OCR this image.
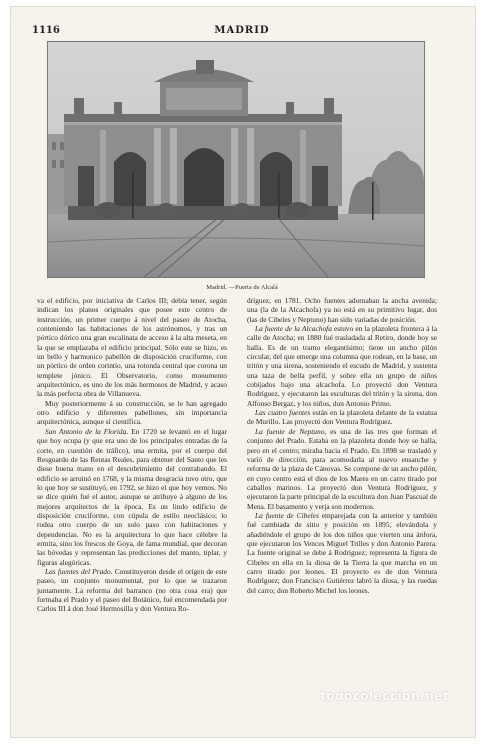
1116	MADRID
Madrid. —Puerta de Alcalá

va el edificio, por iniciativa de Carlos III; debía tener, según indican los planos originales que posee este centro de instrucción, un primer cuerpo á nivel del paseo de Atocha, conteniendo las habitaciones de los astrónomos, y tras un pórtico dórico una gran escalinata de acceso á la alta meseta, en la que se emplazaba el edificio principal. Sólo este se hizo, es un bello y harmonico pabellón de disposición cruciforme, con un pórtico de orden corintio, una rotonda central que corona un templete jónico. El Observatorio, como monumento arquitectónico, es uno de los más hermosos de Madrid, y acaso la más perfecta obra de Villanueva.

Muy posteriormente á su construcción, se le han agregado otro edificio y diferentes pabellones, sin importancia arquitectónica, aunque sí científica.

San Antonio de la Florida. En 1720 se levantó en el lugar que hoy ocupa (y que era uno de los principales entradas de la corte, en cuestión de tráfico), una ermita, por el cuerpo del Resguardo de las Rentas Reales, para obtener del Santo que les diese buena mano en el descubrimiento del contrabando. El edificio se arruinó en 1768, y la misma desgracia tuvo otro, que lo que hoy se sustituyó, en 1792, se hizo el que hoy vemos. No se dice quién fué el autor, aunque se atribuye á alguno de los mejores arquitectos de la época. Es un lindo edificio de disposición cruciforme, con cúpula de estilo neoclásico; lo rodea otro cuerpo de un solo paso con habitaciones y dependencias. No es la arquitectura lo que hace célebre la ermita, sino los frescos de Goya, de fama mundial, que decoran las bóvedas y representan las predicciones del manto, tiplar, y figuras alegóricas.

Las fuentes del Prado. Constituyeron desde el origen de este paseo, un conjunto monumental, por lo que se trazaron juntamente. La reforma del barranco (no otra cosa era) que formaba el Prado y el paseo del Botánico, fué encomendada por Carlos III á don José Hermosilla y don Ventura Ro-

dríguez, en 1781. Ocho fuentes adornaban la ancha avenida; una (la de la Alcachofa) ya no está en su primitivo lugar, dos (las de Cibeles y Neptuno) han sido variadas de posición.

La fuente de la Alcachofa estuvo en la plazoleta frontera á la calle de Atocha; en 1880 fué trasladada al Retiro, donde hoy se halla. Es de un tramo elegantísimo; tiene un ancho pilón circular, del que emerge una columna que rodean, en la base, un tritón y una sirena, sosteniendo el escudo de Madrid, y sustenta una taza de bella perfil, y sobre ella un grupo de niños cobijados bajo una alcachofa. Lo proyectó don Ventura Rodríguez, y ejecutaron las esculturas del tritón y la sirena, don Alfonso Bergaz, y los niños, don Antonio Primo.

Las cuatro fuentes están en la plazoleta delante de la estatua de Murillo. Las proyectó don Ventura Rodríguez.

La fuente de Neptuno, es una de las tres que forman el conjunto del Prado. Estaba en la plazoleta donde hoy se halla, pero en el centro; miraba hacia el Prado. En 1898 se trasladó y varió de dirección, para acomodarla al nuevo ensanche y reforma de la plaza de Cánovas. Se compone de un ancho pilón, en cuyo centro está el dios de los Mares en un carro tirado por caballos marinos. La proyectó don Ventura Rodríguez, y ejecutaron la parte principal de la escultura don Juan Pascual de Mena. El basamento y verja son modernos.

La fuente de Cibeles emparejada con la anterior y también fué cambiada de sitio y posición en 1895, elevándola y añadiéndole el grupo de los dos niños que vierten una ánfora, que ejecutaron los Vences Miguel Trilles y don Antonio Parera. La fuente original se debe á Rodríguez; representa la figura de Cibeles en ella en la diosa de la Tierra la que marcha en un carro tirado por leones. El proyecto es de don Ventura Rodríguez; don Francisco Gutiérrez labró la diosa, y las ruedas del carro; don Roberto Michel los leones.

todocoleccion.net
